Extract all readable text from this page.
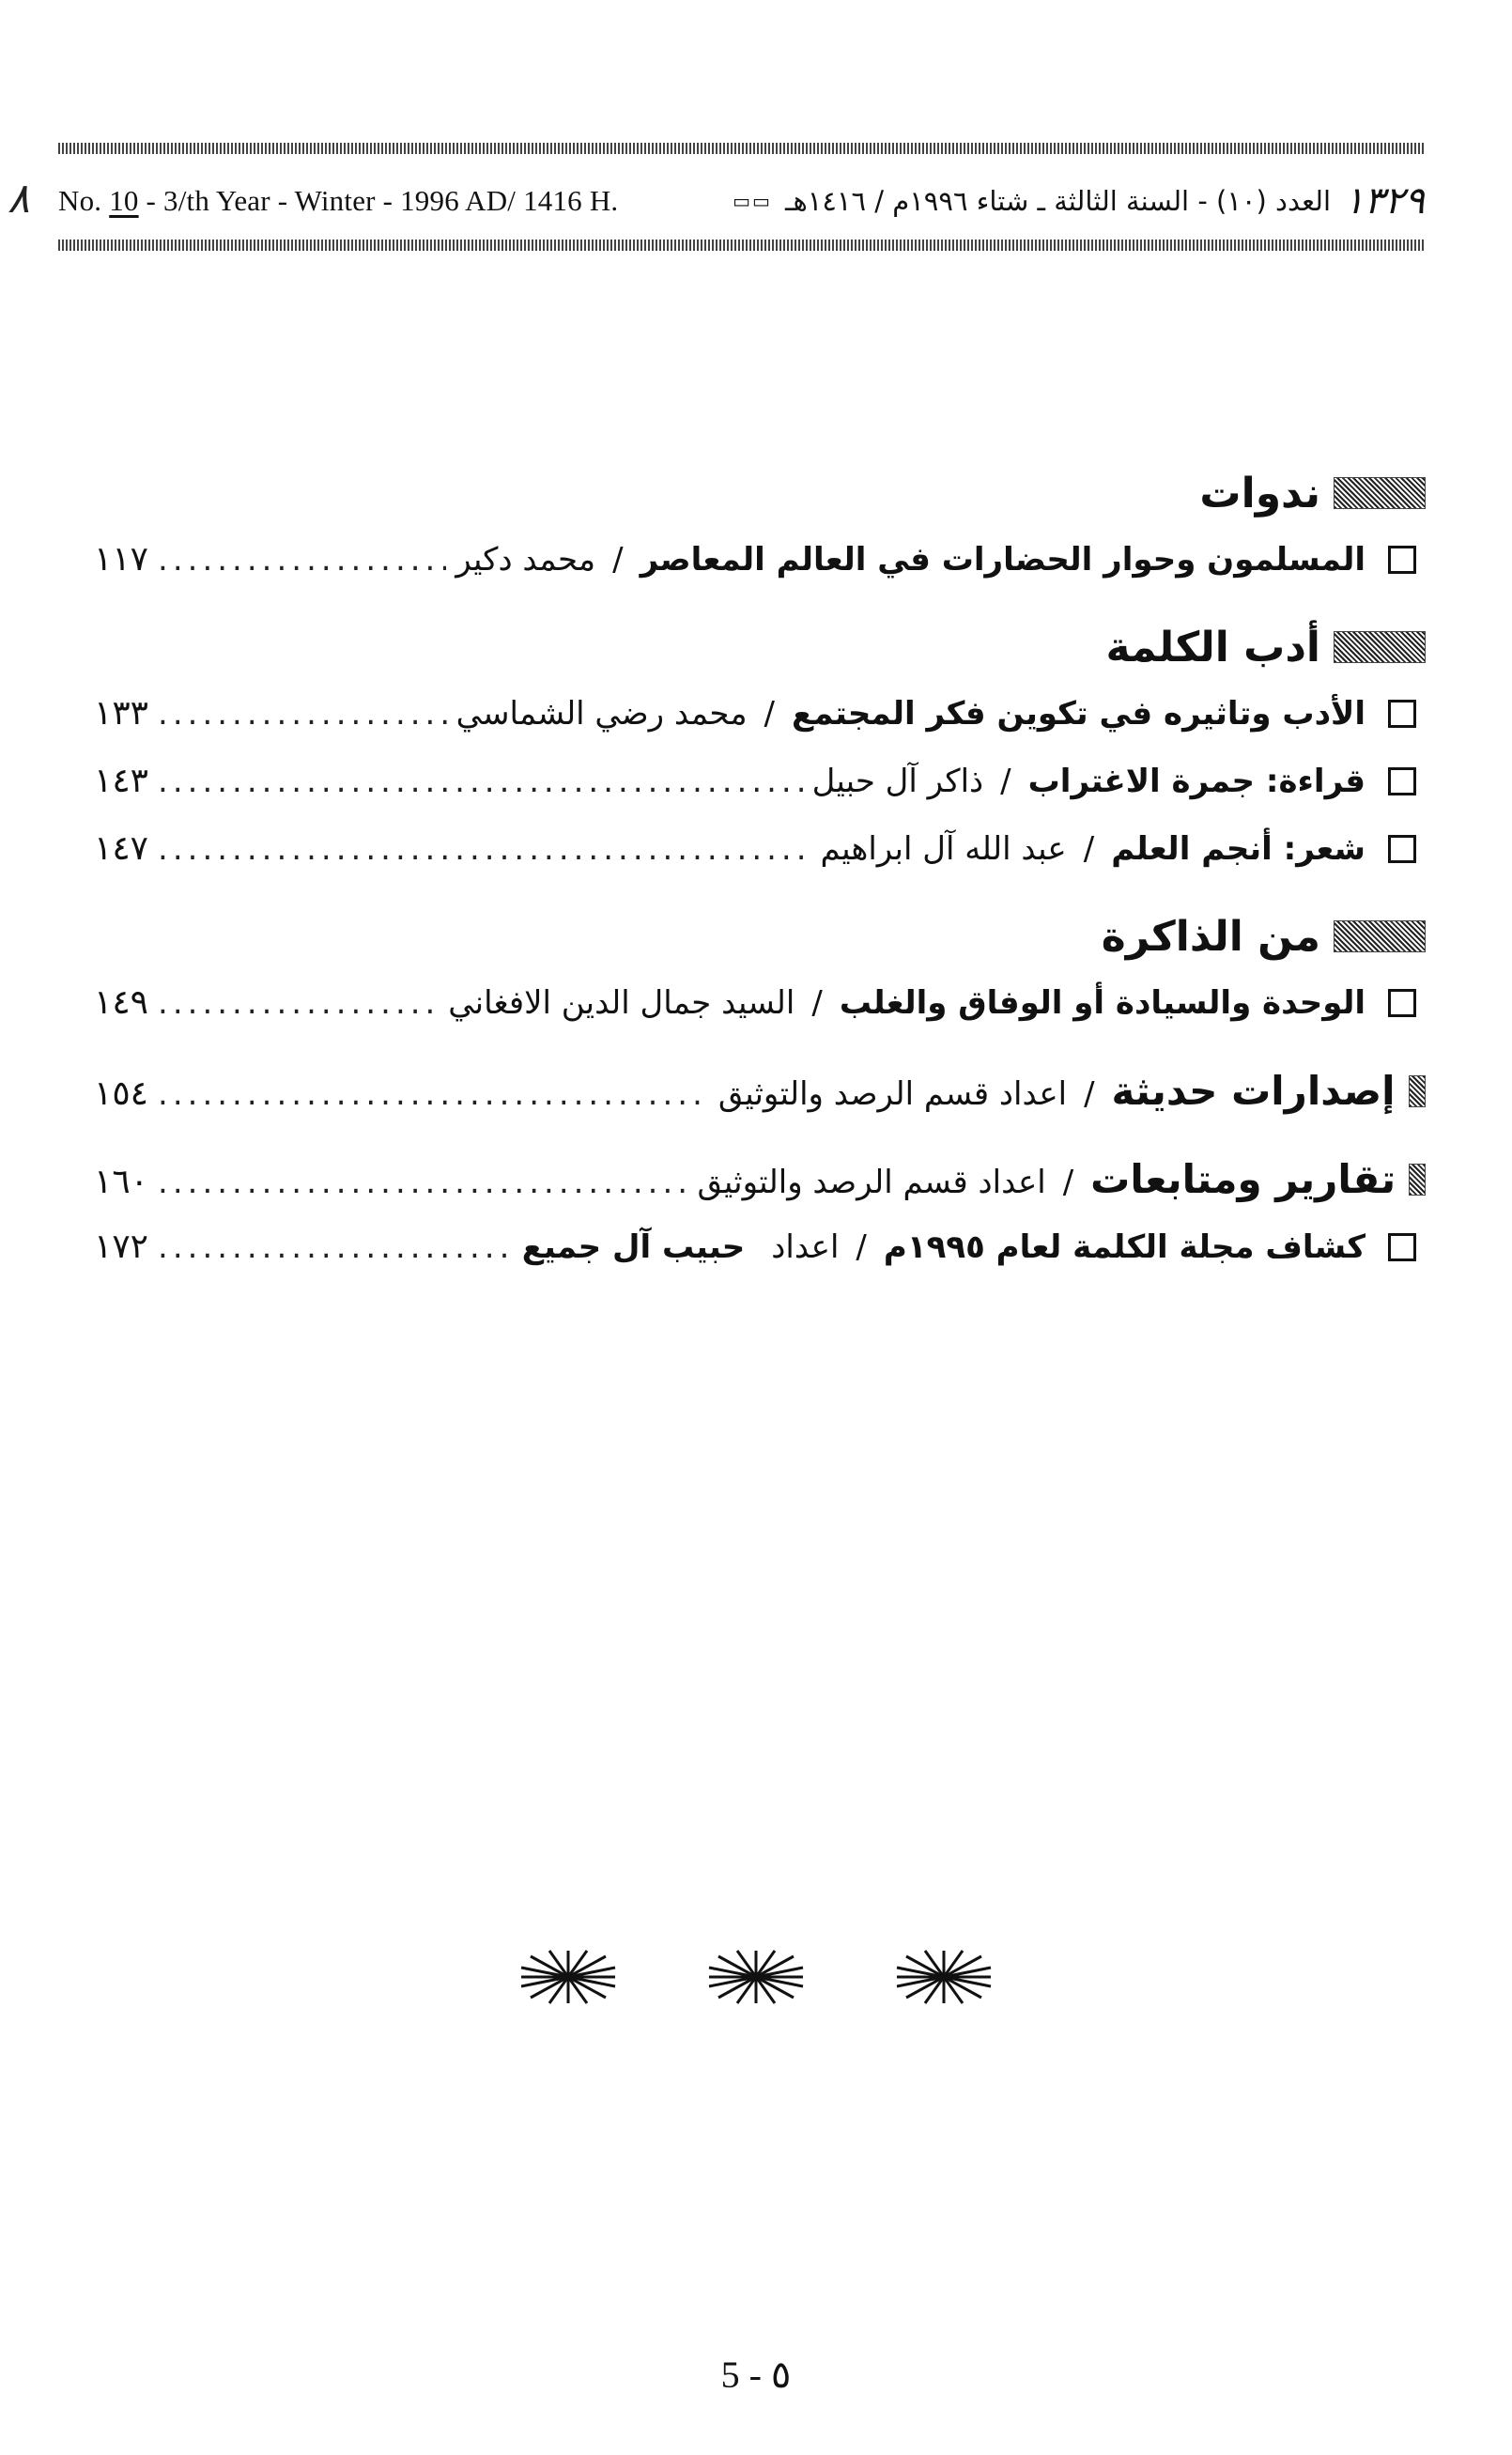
۸ No. 10 - 3/th Year - Winter - 1996 AD/ 1416 H.	١٣٢٩
العدد (١٠) - السنة الثالثة ـ شتاء ١٩٩٦م / ١٤١٦هـ
▭▭
ندوات
المسلمون وحوار الحضارات في العالم المعاصر
/
محمد دكير
.....
١١٧
أدب الكلمة
الأدب وتاثيره في تكوين فكر المجتمع
/
محمد رضي الشماسي
.....
١٣٣
قراءة: جمرة الاغتراب
/
ذاكر آل حبيل
.....
١٤٣
شعر: أنجم العلم
/
عبد الله آل ابراهيم
.....
١٤٧
من الذاكرة
الوحدة والسيادة أو الوفاق والغلب
/
السيد جمال الدين الافغاني
.....
١٤٩
إصدارات حديثة
/
اعداد قسم الرصد والتوثيق
.....
١٥٤
تقارير ومتابعات
/
اعداد قسم الرصد والتوثيق
.....
١٦٠
كشاف مجلة الكلمة لعام ١٩٩٥م
/
اعداد
حبيب آل جميع
.....
١٧٢
5 - ٥
